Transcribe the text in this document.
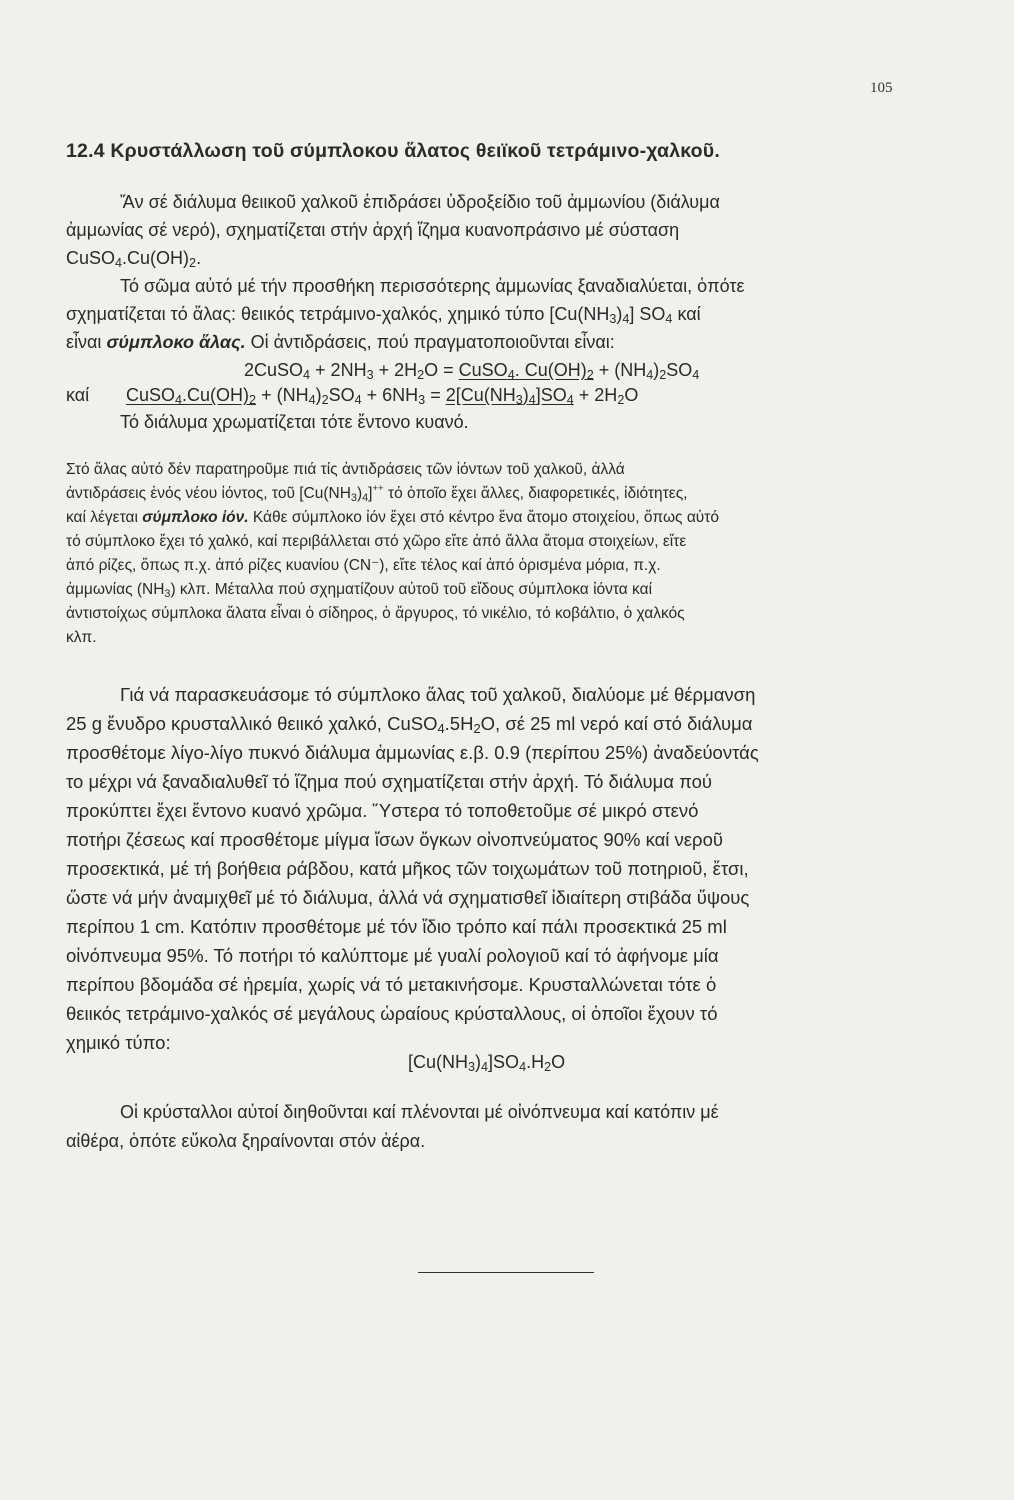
105
12.4 Κρυστάλλωση τοῦ σύμπλοκου ἅλατος θειϊκοῦ τετράμινο-χαλκοῦ.
Ἄν σέ διάλυμα θειικοῦ χαλκοῦ ἐπιδράσει ὑδροξείδιο τοῦ ἀμμωνίου (διάλυμα
ἀμμωνίας σέ νερό), σχηματίζεται στήν ἀρχή ἵζημα κυανοπράσινο μέ σύσταση
$CuSO_4.Cu(OH)_2$.
Τό σῶμα αὐτό μέ τήν προσθήκη περισσότερης ἀμμωνίας ξαναδιαλύεται, ὁπότε
σχηματίζεται τό ἅλας: θειικός τετράμινο-χαλκός, χημικό τύπο $[Cu(NH_3)_4]$ $SO_4$ καί
εἶναι σύμπλοκο ἅλας. Οἱ ἀντιδράσεις, πού πραγματοποιοῦνται εἶναι:
2CuSO$_4$ + $2NH_3 + 2H_2O$ = CuSO$_4$. $Cu(OH)_2 + (NH_4)_2SO_4$
καί $CuSO_4.Cu(OH)_2 + (NH_4)_2SO_4 + 6NH_3 = 2[Cu(NH_3)_4]SO_4 + 2H_2O$
Τό διάλυμα χρωματίζεται τότε ἔντονο κυανό.
Στό ἅλας αὐτό δέν παρατηροῦμε πιά τίς ἀντιδράσεις τῶν ἰόντων τοῦ χαλκοῦ, ἀλλά
ἀντιδράσεις ἑνός νέου ἰόντος, τοῦ $[Cu(NH_3)_4]^{++}$ τό ὁποῖο ἔχει ἄλλες, διαφορετικές, ἰδιότητες,
καί λέγεται σύμπλοκο ἰόν. Κάθε σύμπλοκο ἰόν ἔχει στό κέντρο ἕνα ἄτομο στοιχείου, ὅπως αὐτό
τό σύμπλοκο ἔχει τό χαλκό, καί περιβάλλεται στό χῶρο εἴτε ἀπό ἄλλα ἄτομα στοιχείων, εἴτε
ἀπό ρίζες, ὅπως π.χ. ἀπό ρίζες κυανίου (CN⁻), εἴτε τέλος καί ἀπό ὁρισμένα μόρια, π.χ.
ἀμμωνίας $(NH_3)$ κλπ. Μέταλλα πού σχηματίζουν αὐτοῦ τοῦ εἴδους σύμπλοκα ἰόντα καί
ἀντιστοίχως σύμπλοκα ἅλατα εἶναι ὁ σίδηρος, ὁ ἄργυρος, τό νικέλιο, τό κοβάλτιο, ὁ χαλκός
κλπ.
Γιά νά παρασκευάσομε τό σύμπλοκο ἅλας τοῦ χαλκοῦ, διαλύομε μέ θέρμανση
25 g ἔνυδρο κρυσταλλικό θειικό χαλκό, $CuSO_4.5H_2O$, σέ 25 ml νερό καί στό διάλυμα
προσθέτομε λίγο-λίγο πυκνό διάλυμα ἀμμωνίας ε.β. 0.9 (περίπου 25%) ἀναδεύοντάς
το μέχρι νά ξαναδιαλυθεῖ τό ἵζημα πού σχηματίζεται στήν ἀρχή. Τό διάλυμα πού
προκύπτει ἔχει ἔντονο κυανό χρῶμα. Ὕστερα τό τοποθετοῦμε σέ μικρό στενό
ποτήρι ζέσεως καί προσθέτομε μίγμα ἴσων ὄγκων οἰνοπνεύματος 90% καί νεροῦ
προσεκτικά, μέ τή βοήθεια ράβδου, κατά μῆκος τῶν τοιχωμάτων τοῦ ποτηριοῦ, ἔτσι,
ὥστε νά μήν ἀναμιχθεῖ μέ τό διάλυμα, ἀλλά νά σχηματισθεῖ ἰδιαίτερη στιβάδα ὕψους
περίπου 1 cm. Κατόπιν προσθέτομε μέ τόν ἴδιο τρόπο καί πάλι προσεκτικά 25 ml
οἰνόπνευμα 95%. Τό ποτήρι τό καλύπτομε μέ γυαλί ρολογιοῦ καί τό ἀφήνομε μία
περίπου βδομάδα σέ ἠρεμία, χωρίς νά τό μετακινήσομε. Κρυσταλλώνεται τότε ὁ
θειικός τετράμινο-χαλκός σέ μεγάλους ὡραίους κρύσταλλους, οἱ ὁποῖοι ἔχουν τό
χημικό τύπο:
$[Cu(NH_3)_4]SO_4.H_2O$
Οἱ κρύσταλλοι αὐτοί διηθοῦνται καί πλένονται μέ οἰνόπνευμα καί κατόπιν μέ
αἰθέρα, ὁπότε εὔκολα ξηραίνονται στόν ἀέρα.
